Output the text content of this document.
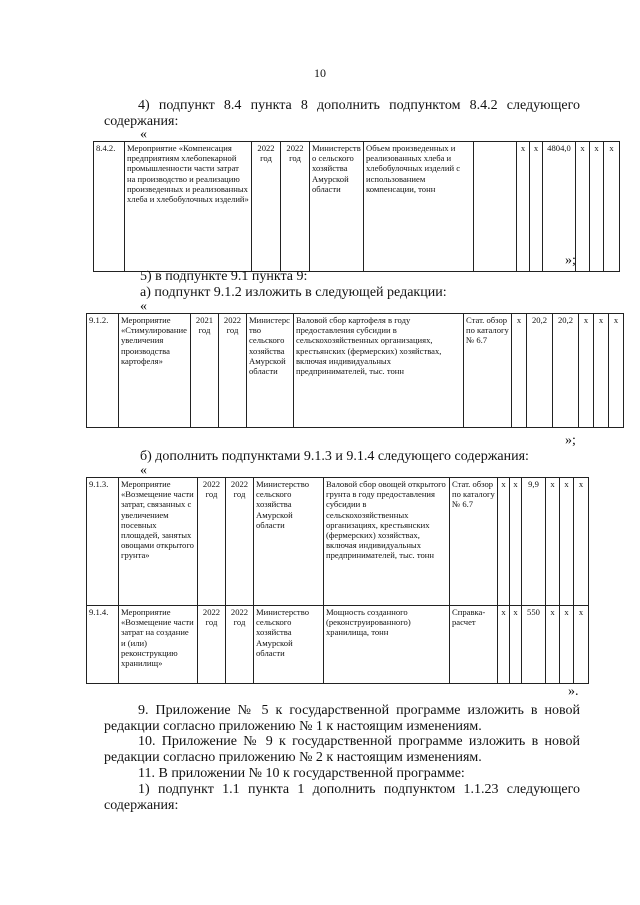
10
4) подпункт 8.4 пункта 8 дополнить подпунктом 8.4.2 следующего
содержания:
«
8.4.2.	Мероприятие «Компенсация предприятиям хлебопекарной промышленности части затрат на производство и реализацию произведенных и реализованных хлеба и хлебобулочных изделий»	2022 год	2022 год	Министерство сельского хозяйства Амурской области	Объем произведенных и реализованных хлеба и хлебобулочных изделий с использованием компенсации, тонн		х	х	4804,0	х	х	х
»;
5) в подпункте 9.1 пункта 9:
а) подпункт 9.1.2 изложить в следующей редакции:
«
9.1.2.	Мероприятие «Стимулирование увеличения производства картофеля»	2021 год	2022 год	Министерство сельского хозяйства Амурской области	Валовой сбор картофеля в году предоставления субсидии в сельскохозяйственных организациях, крестьянских (фермерских) хозяйствах, включая индивидуальных предпринимателей, тыс. тонн	Стат. обзор по каталогу № 6.7	х	20,2	20,2	х	х	х
»;
б) дополнить подпунктами 9.1.3 и 9.1.4 следующего содержания:
«
9.1.3.	Мероприятие «Возмещение части затрат, связанных с увеличением посевных площадей, занятых овощами открытого грунта»	2022 год	2022 год	Министерство сельского хозяйства Амурской области	Валовой сбор овощей открытого грунта в году предоставления субсидии в сельскохозяйственных организациях, крестьянских (фермерских) хозяйствах, включая индивидуальных предпринимателей, тыс. тонн	Стат. обзор по каталогу № 6.7	х	х	9,9	х	х	х
9.1.4.	Мероприятие «Возмещение части затрат на создание и (или) реконструкцию хранилищ»	2022 год	2022 год	Министерство сельского хозяйства Амурской области	Мощность созданного (реконструированного) хранилища, тонн	Справка-расчет	х	х	550	х	х	х
».
9. Приложение № 5 к государственной программе изложить в новой
редакции согласно приложению № 1 к настоящим изменениям.
10. Приложение № 9 к государственной программе изложить в новой
редакции согласно приложению № 2 к настоящим изменениям.
11. В приложении № 10 к государственной программе:
1) подпункт 1.1 пункта 1 дополнить подпунктом 1.1.23 следующего
содержания:
